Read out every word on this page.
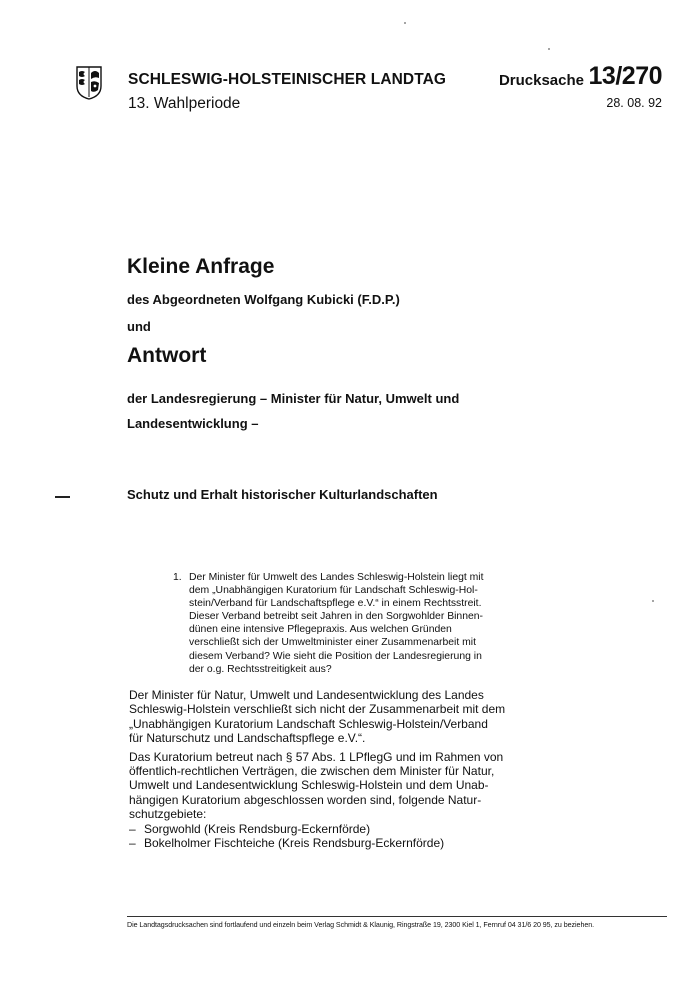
SCHLESWIG-HOLSTEINISCHER LANDTAG
13. Wahlperiode
Drucksache 13/270
28. 08. 92
Kleine Anfrage
des Abgeordneten Wolfgang Kubicki (F.D.P.)
und
Antwort
der Landesregierung – Minister für Natur, Umwelt und
Landesentwicklung –
Schutz und Erhalt historischer Kulturlandschaften
1. Der Minister für Umwelt des Landes Schleswig-Holstein liegt mit
dem „Unabhängigen Kuratorium für Landschaft Schleswig-Hol-
stein/Verband für Landschaftspflege e.V.“ in einem Rechtsstreit.
Dieser Verband betreibt seit Jahren in den Sorgwohlder Binnen-
dünen eine intensive Pflegepraxis. Aus welchen Gründen
verschließt sich der Umweltminister einer Zusammenarbeit mit
diesem Verband? Wie sieht die Position der Landesregierung in
der o.g. Rechtsstreitigkeit aus?
Der Minister für Natur, Umwelt und Landesentwicklung des Landes
Schleswig-Holstein verschließt sich nicht der Zusammenarbeit mit dem
„Unabhängigen Kuratorium Landschaft Schleswig-Holstein/Verband
für Naturschutz und Landschaftspflege e.V.“.
Das Kuratorium betreut nach § 57 Abs. 1 LPflegG und im Rahmen von
öffentlich-rechtlichen Verträgen, die zwischen dem Minister für Natur,
Umwelt und Landesentwicklung Schleswig-Holstein und dem Unab-
hängigen Kuratorium abgeschlossen worden sind, folgende Natur-
schutzgebiete:
– Sorgwohld (Kreis Rendsburg-Eckernförde)
– Bokelholmer Fischteiche (Kreis Rendsburg-Eckernförde)
Die Landtagsdrucksachen sind fortlaufend und einzeln beim Verlag Schmidt & Klaunig, Ringstraße 19, 2300 Kiel 1, Fernruf 04 31/6 20 95, zu beziehen.
